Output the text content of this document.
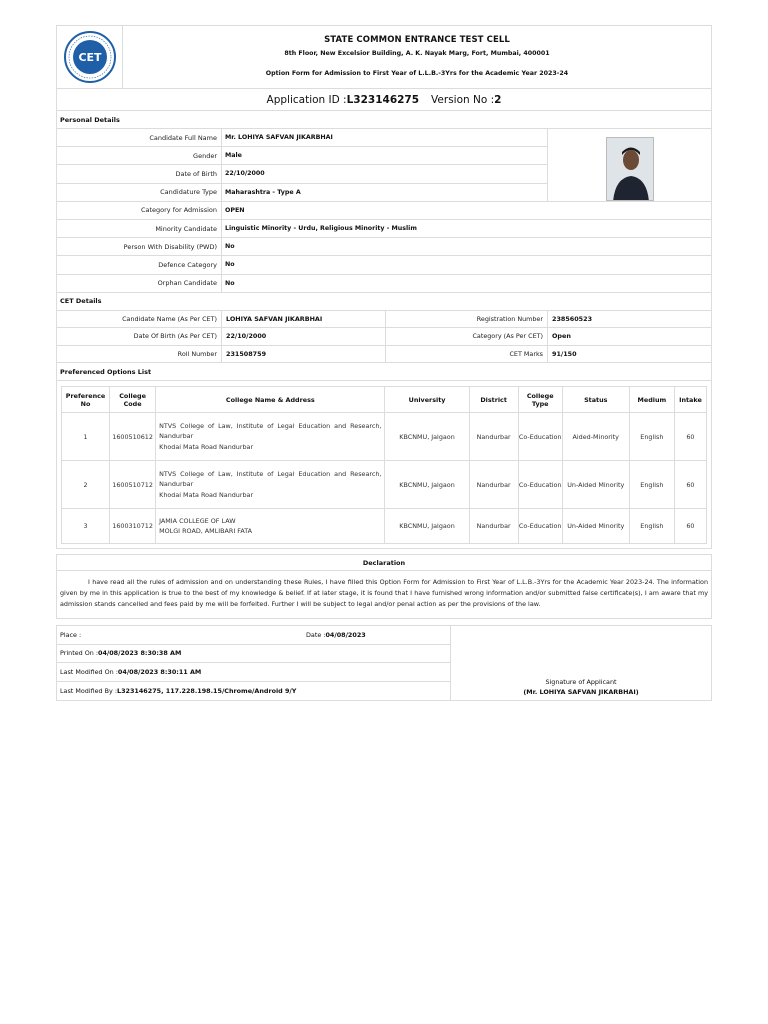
CET
STATE COMMON ENTRANCE TEST CELL
8th Floor, New Excelsior Building, A. K. Nayak Marg, Fort, Mumbai, 400001
Option Form for Admission to First Year of L.L.B.-3Yrs for the Academic Year 2023-24
Application ID : L323146275 Version No : 2
Personal Details
Candidate Full Name	Mr. LOHIYA SAFVAN JIKARBHAI
Gender	Male
Date of Birth	22/10/2000
Candidature Type	Maharashtra - Type A
Category for Admission	OPEN
Minority Candidate	Linguistic Minority - Urdu, Religious Minority - Muslim
Person With Disability (PWD)	No
Defence Category	No
Orphan Candidate	No
CET Details
Candidate Name (As Per CET)	LOHIYA SAFVAN JIKARBHAI	Registration Number	238560523
Date Of Birth (As Per CET)	22/10/2000	Category (As Per CET)	Open
Roll Number	231508759	CET Marks	91/150
Preferenced Options List
Preference No	College Code	College Name & Address	University	District	College Type	Status	Medium	Intake
1	1600510612	NTVS College of Law, Institute of Legal Education and Research, Nandurbar
Khodai Mata Road Nandurbar	KBCNMU, Jalgaon	Nandurbar	Co-Education	Aided-Minority	English	60
2	1600510712	NTVS College of Law, Institute of Legal Education and Research, Nandurbar
Khodai Mata Road Nandurbar	KBCNMU, Jalgaon	Nandurbar	Co-Education	Un-Aided Minority	English	60
3	1600310712	JAMIA COLLEGE OF LAW
MOLGI ROAD, AMLIBARI FATA	KBCNMU, Jalgaon	Nandurbar	Co-Education	Un-Aided Minority	English	60
Declaration
I have read all the rules of admission and on understanding these Rules, I have filled this Option Form for Admission to First Year of L.L.B.-3Yrs for the Academic Year 2023-24. The information given by me in this application is true to the best of my knowledge & belief. If at later stage, it is found that I have furnished wrong information and/or submitted false certificate(s), I am aware that my admission stands cancelled and fees paid by me will be forfeited. Further I will be subject to legal and/or penal action as per the provisions of the law.
Place :	Date : 04/08/2023
Printed On : 04/08/2023 8:30:38 AM
Last Modified On : 04/08/2023 8:30:11 AM
Last Modified By : L323146275, 117.228.198.15/Chrome/Android 9/Y
Signature of Applicant
(Mr. LOHIYA SAFVAN JIKARBHAI)
